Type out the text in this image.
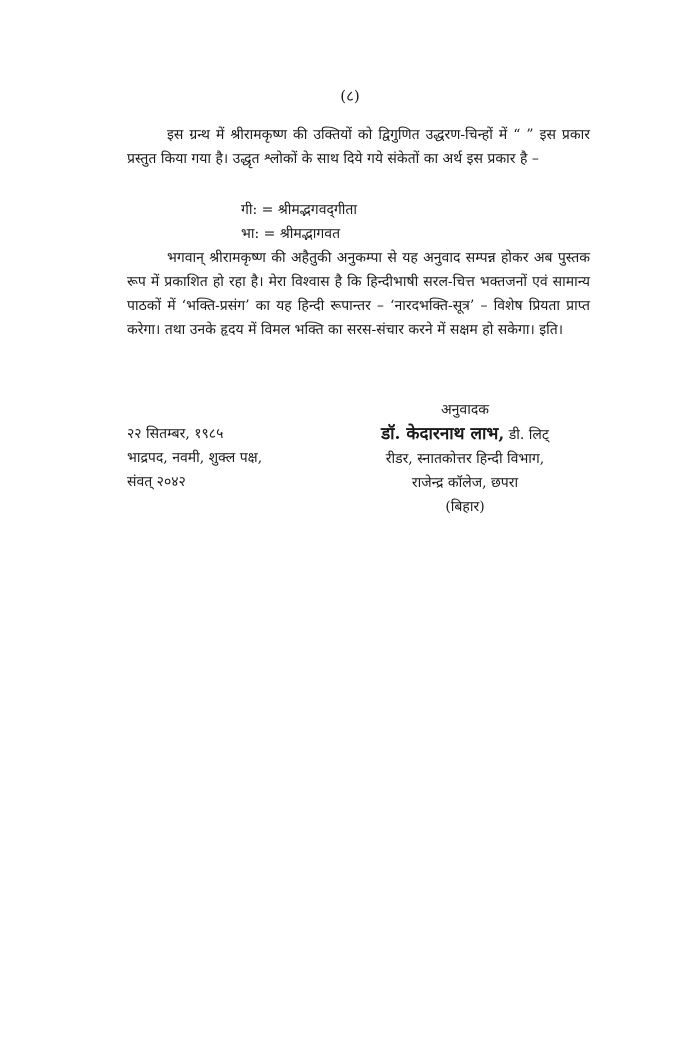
(८)

इस ग्रन्थ में श्रीरामकृष्ण की उक्तियों को द्विगुणित उद्धरण-चिन्हों में “ ” इस प्रकार प्रस्तुत किया गया है। उद्धृत श्लोकों के साथ दिये गये संकेतों का अर्थ इस प्रकार है –

गी: = श्रीमद्भगवद्‌गीता
भा: = श्रीमद्भागवत

भगवान् श्रीरामकृष्ण की अहैतुकी अनुकम्पा से यह अनुवाद सम्पन्न होकर अब पुस्तक रूप में प्रकाशित हो रहा है। मेरा विश्वास है कि हिन्दीभाषी सरल-चित्त भक्तजनों एवं सामान्य पाठकों में ‘भक्ति-प्रसंग’ का यह हिन्दी रूपान्तर – ‘नारदभक्ति-सूत्र’ – विशेष प्रियता प्राप्त करेगा। तथा उनके हृदय में विमल भक्ति का सरस-संचार करने में सक्षम हो सकेगा। इति।

२२ सितम्बर, १९८५
भाद्रपद, नवमी, शुक्ल पक्ष,
संवत् २०४२
अनुवादक
डॉ. केदारनाथ लाभ, डी. लिट्
रीडर, स्नातकोत्तर हिन्दी विभाग,
राजेन्द्र कॉलेज, छपरा
(बिहार)
